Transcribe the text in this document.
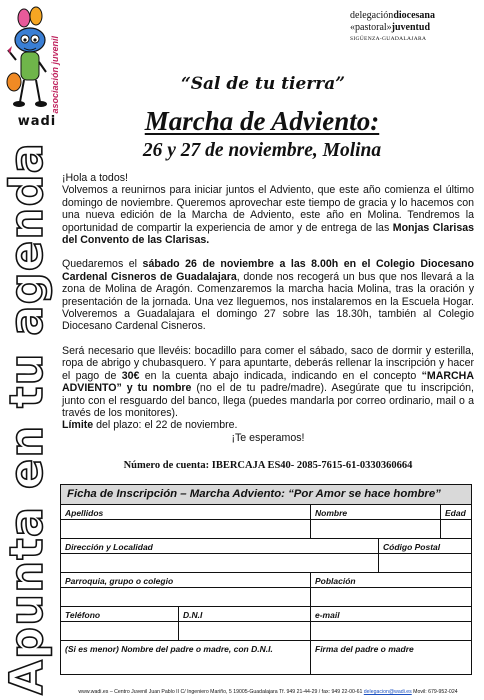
wadi
asociación juvenil
Apunta en tu agenda
delegacióndiocesana
«pastoral»juventud
SIGÜENZA-GUADALAJARA
“Sal de tu tierra”
Marcha de Adviento:
26 y 27 de noviembre, Molina

¡Hola a todos!

Volvemos a reunirnos para iniciar juntos el Adviento, que este año comienza el último domingo de noviembre. Queremos aprovechar este tiempo de gracia y lo hacemos con una nueva edición de la Marcha de Adviento, este año en Molina. Tendremos la oportunidad de compartir la experiencia de amor y de entrega de las Monjas Clarisas del Convento de las Clarisas.

Quedaremos el sábado 26 de noviembre a las 8.00h en el Colegio Diocesano Cardenal Cisneros de Guadalajara, donde nos recogerá un bus que nos llevará a la zona de Molina de Aragón. Comenzaremos la marcha hacia Molina, tras la oración y presentación de la jornada. Una vez lleguemos, nos instalaremos en la Escuela Hogar. Volveremos a Guadalajara el domingo 27 sobre las 18.30h, también al Colegio Diocesano Cardenal Cisneros.

Será necesario que llevéis: bocadillo para comer el sábado, saco de dormir y esterilla, ropa de abrigo y chubasquero. Y para apuntarte, deberás rellenar la inscripción y hacer el pago de 30€ en la cuenta abajo indicada, indicando en el concepto “MARCHA ADVIENTO” y tu nombre (no el de tu padre/madre). Asegúrate que tu inscripción, junto con el resguardo del banco, llega (puedes mandarla por correo ordinario, mail o a través de los monitores).

Límite del plazo: el 22 de noviembre.

¡Te esperamos!

Número de cuenta: IBERCAJA ES40- 2085-7615-61-0330360664
Ficha de Inscripción – Marcha Adviento: “Por Amor se hace hombre”
Apellidos	Nombre	Edad
Dirección y Localidad	Código Postal
Parroquia, grupo o colegio	Población
Teléfono	D.N.I	e-mail
(Si es menor) Nombre del padre o madre, con D.N.I.	Firma del padre o madre
www.wadi.es – Centro Juvenil Juan Pablo II C/ Ingeniero Mariño, 5 19005-Guadalajara Tf. 949 21-44-29 / fax: 949 22-00-61 delegacion@wadi.es Movil: 679-952-024
